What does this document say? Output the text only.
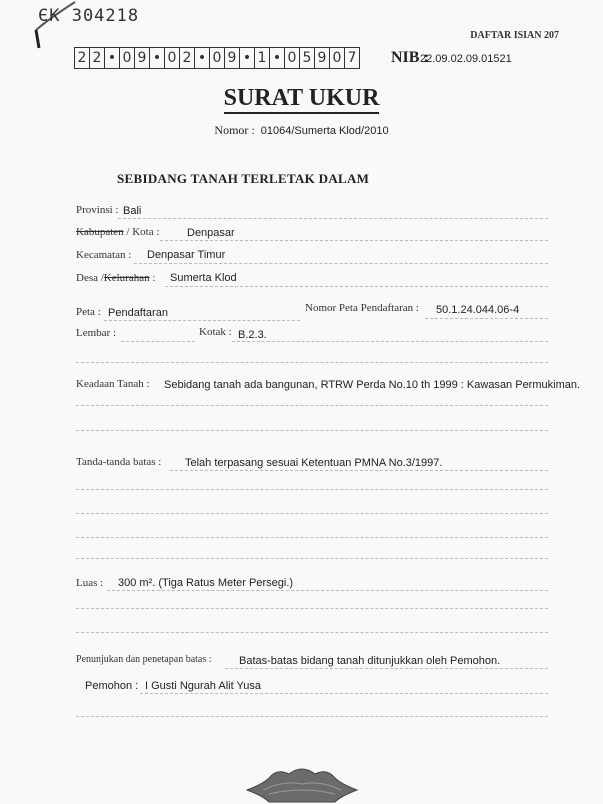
ЄK 304218
DAFTAR ISIAN 207
2 2 • 0 9 • 0 2 • 0 9 • 1 • 0 5 9 0 7 NIB :
22.09.02.09.01521
SURAT UKUR
Nomor : 01064/Sumerta Klod/2010
SEBIDANG TANAH TERLETAK DALAM
Provinsi : Bali
Kabupaten / Kota :	Denpasar
Kecamatan : Denpasar Timur
Desa /Kelurahan : Sumerta Klod
Peta : Pendaftaran	Nomor Peta Pendaftaran : 50.1.24.044.06-4
Lembar :	Kotak : B.2.3.
Keadaan Tanah : Sebidang tanah ada bangunan, RTRW Perda No.10 th 1999 : Kawasan Permukiman.
Tanda-tanda batas : Telah terpasang sesuai Ketentuan PMNA No.3/1997.
Luas : 300 m². (Tiga Ratus Meter Persegi.)
Penunjukan dan penetapan batas : Batas-batas bidang tanah ditunjukkan oleh Pemohon.
Pemohon : I Gusti Ngurah Alit Yusa
